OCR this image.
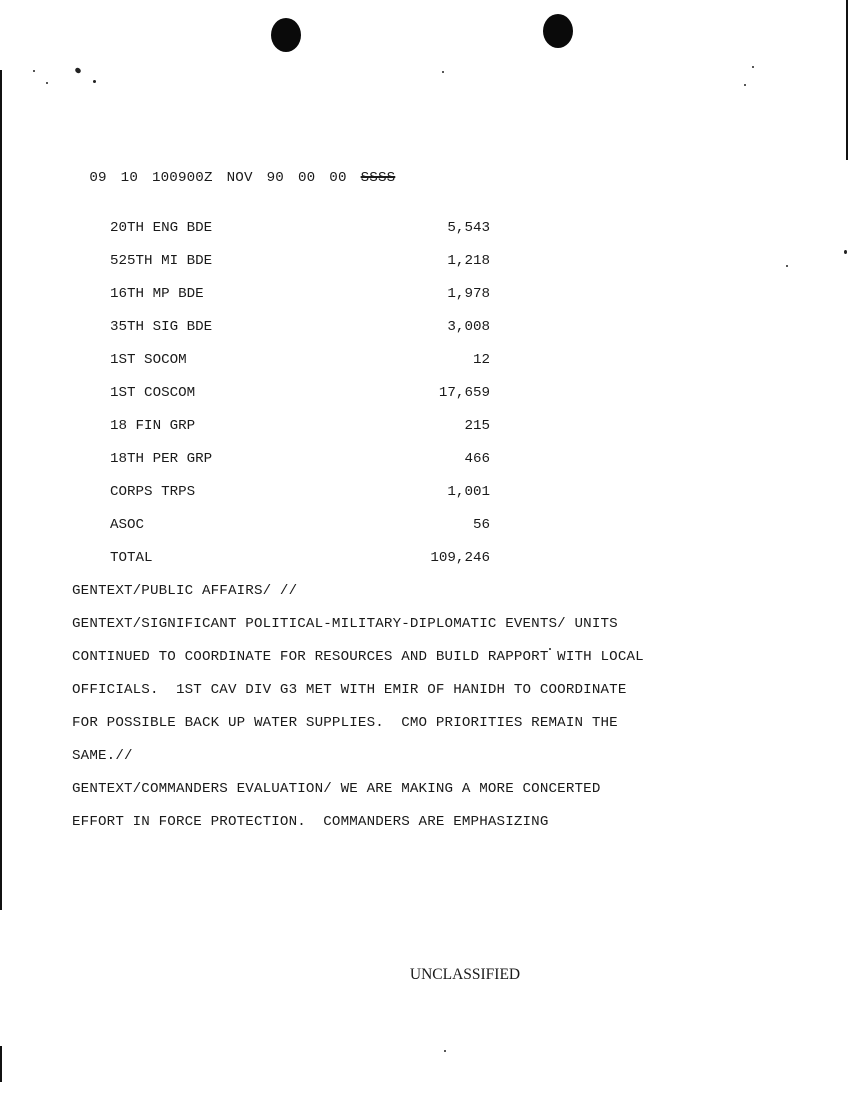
09 10 100900Z NOV 90 00 00 SSSS

20TH ENG BDE	5,543
525TH MI BDE	1,218
16TH MP BDE	1,978
35TH SIG BDE	3,008
1ST SOCOM	12
1ST COSCOM	17,659
18 FIN GRP	215
18TH PER GRP	466
CORPS TRPS	1,001
ASOC	56
TOTAL	109,246
GENTEXT/PUBLIC AFFAIRS/ //
GENTEXT/SIGNIFICANT POLITICAL-MILITARY-DIPLOMATIC EVENTS/ UNITS
CONTINUED TO COORDINATE FOR RESOURCES AND BUILD RAPPORT WITH LOCAL
OFFICIALS.  1ST CAV DIV G3 MET WITH EMIR OF HANIDH TO COORDINATE
FOR POSSIBLE BACK UP WATER SUPPLIES.  CMO PRIORITIES REMAIN THE
SAME.//
GENTEXT/COMMANDERS EVALUATION/ WE ARE MAKING A MORE CONCERTED
EFFORT IN FORCE PROTECTION.  COMMANDERS ARE EMPHASIZING
UNCLASSIFIED
